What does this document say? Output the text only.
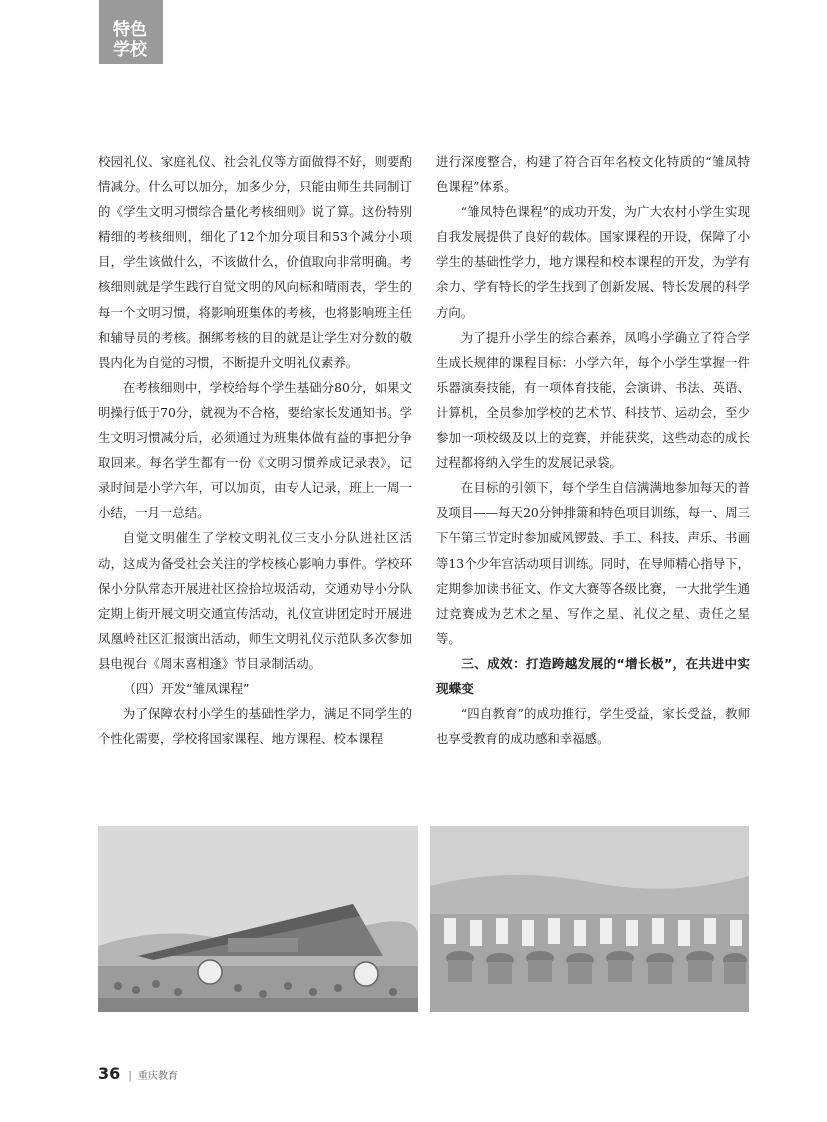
特色
学校

校园礼仪、家庭礼仪、社会礼仪等方面做得不好，则要酌情减分。什么可以加分，加多少分，只能由师生共同制订的《学生文明习惯综合量化考核细则》说了算。这份特别精细的考核细则，细化了12个加分项目和53个减分小项目，学生该做什么，不该做什么，价值取向非常明确。考核细则就是学生践行自觉文明的风向标和晴雨表，学生的每一个文明习惯，将影响班集体的考核，也将影响班主任和辅导员的考核。捆绑考核的目的就是让学生对分数的敬畏内化为自觉的习惯，不断提升文明礼仪素养。

在考核细则中，学校给每个学生基础分80分，如果文明操行低于70分，就视为不合格，要给家长发通知书。学生文明习惯减分后，必须通过为班集体做有益的事把分争取回来。每名学生都有一份《文明习惯养成记录表》，记录时间是小学六年，可以加页，由专人记录，班上一周一小结，一月一总结。

自觉文明催生了学校文明礼仪三支小分队进社区活动，这成为备受社会关注的学校核心影响力事件。学校环保小分队常态开展进社区捡拾垃圾活动，交通劝导小分队定期上街开展文明交通宣传活动，礼仪宣讲团定时开展进凤凰岭社区汇报演出活动，师生文明礼仪示范队多次参加县电视台《周末喜相逢》节目录制活动。

（四）开发“雏凤课程”

为了保障农村小学生的基础性学力，满足不同学生的个性化需要，学校将国家课程、地方课程、校本课程

进行深度整合，构建了符合百年名校文化特质的“雏凤特色课程”体系。

“雏凤特色课程”的成功开发，为广大农村小学生实现自我发展提供了良好的载体。国家课程的开设，保障了小学生的基础性学力，地方课程和校本课程的开发，为学有余力、学有特长的学生找到了创新发展、特长发展的科学方向。

为了提升小学生的综合素养，凤鸣小学确立了符合学生成长规律的课程目标：小学六年，每个小学生掌握一件乐器演奏技能，有一项体育技能，会演讲、书法、英语、计算机，全员参加学校的艺术节、科技节、运动会，至少参加一项校级及以上的竞赛，并能获奖，这些动态的成长过程都将纳入学生的发展记录袋。

在目标的引领下，每个学生自信满满地参加每天的普及项目——每天20分钟排箫和特色项目训练，每一、周三下午第三节定时参加威风锣鼓、手工、科技、声乐、书画等13个少年宫活动项目训练。同时，在导师精心指导下，定期参加读书征文、作文大赛等各级比赛，一大批学生通过竞赛成为艺术之星、写作之星、礼仪之星、责任之星等。

三、成效：打造跨越发展的“增长极”，在共进中实现蝶变

“四自教育”的成功推行，学生受益，家长受益，教师也享受教育的成功感和幸福感。

36 | 重庆教育
